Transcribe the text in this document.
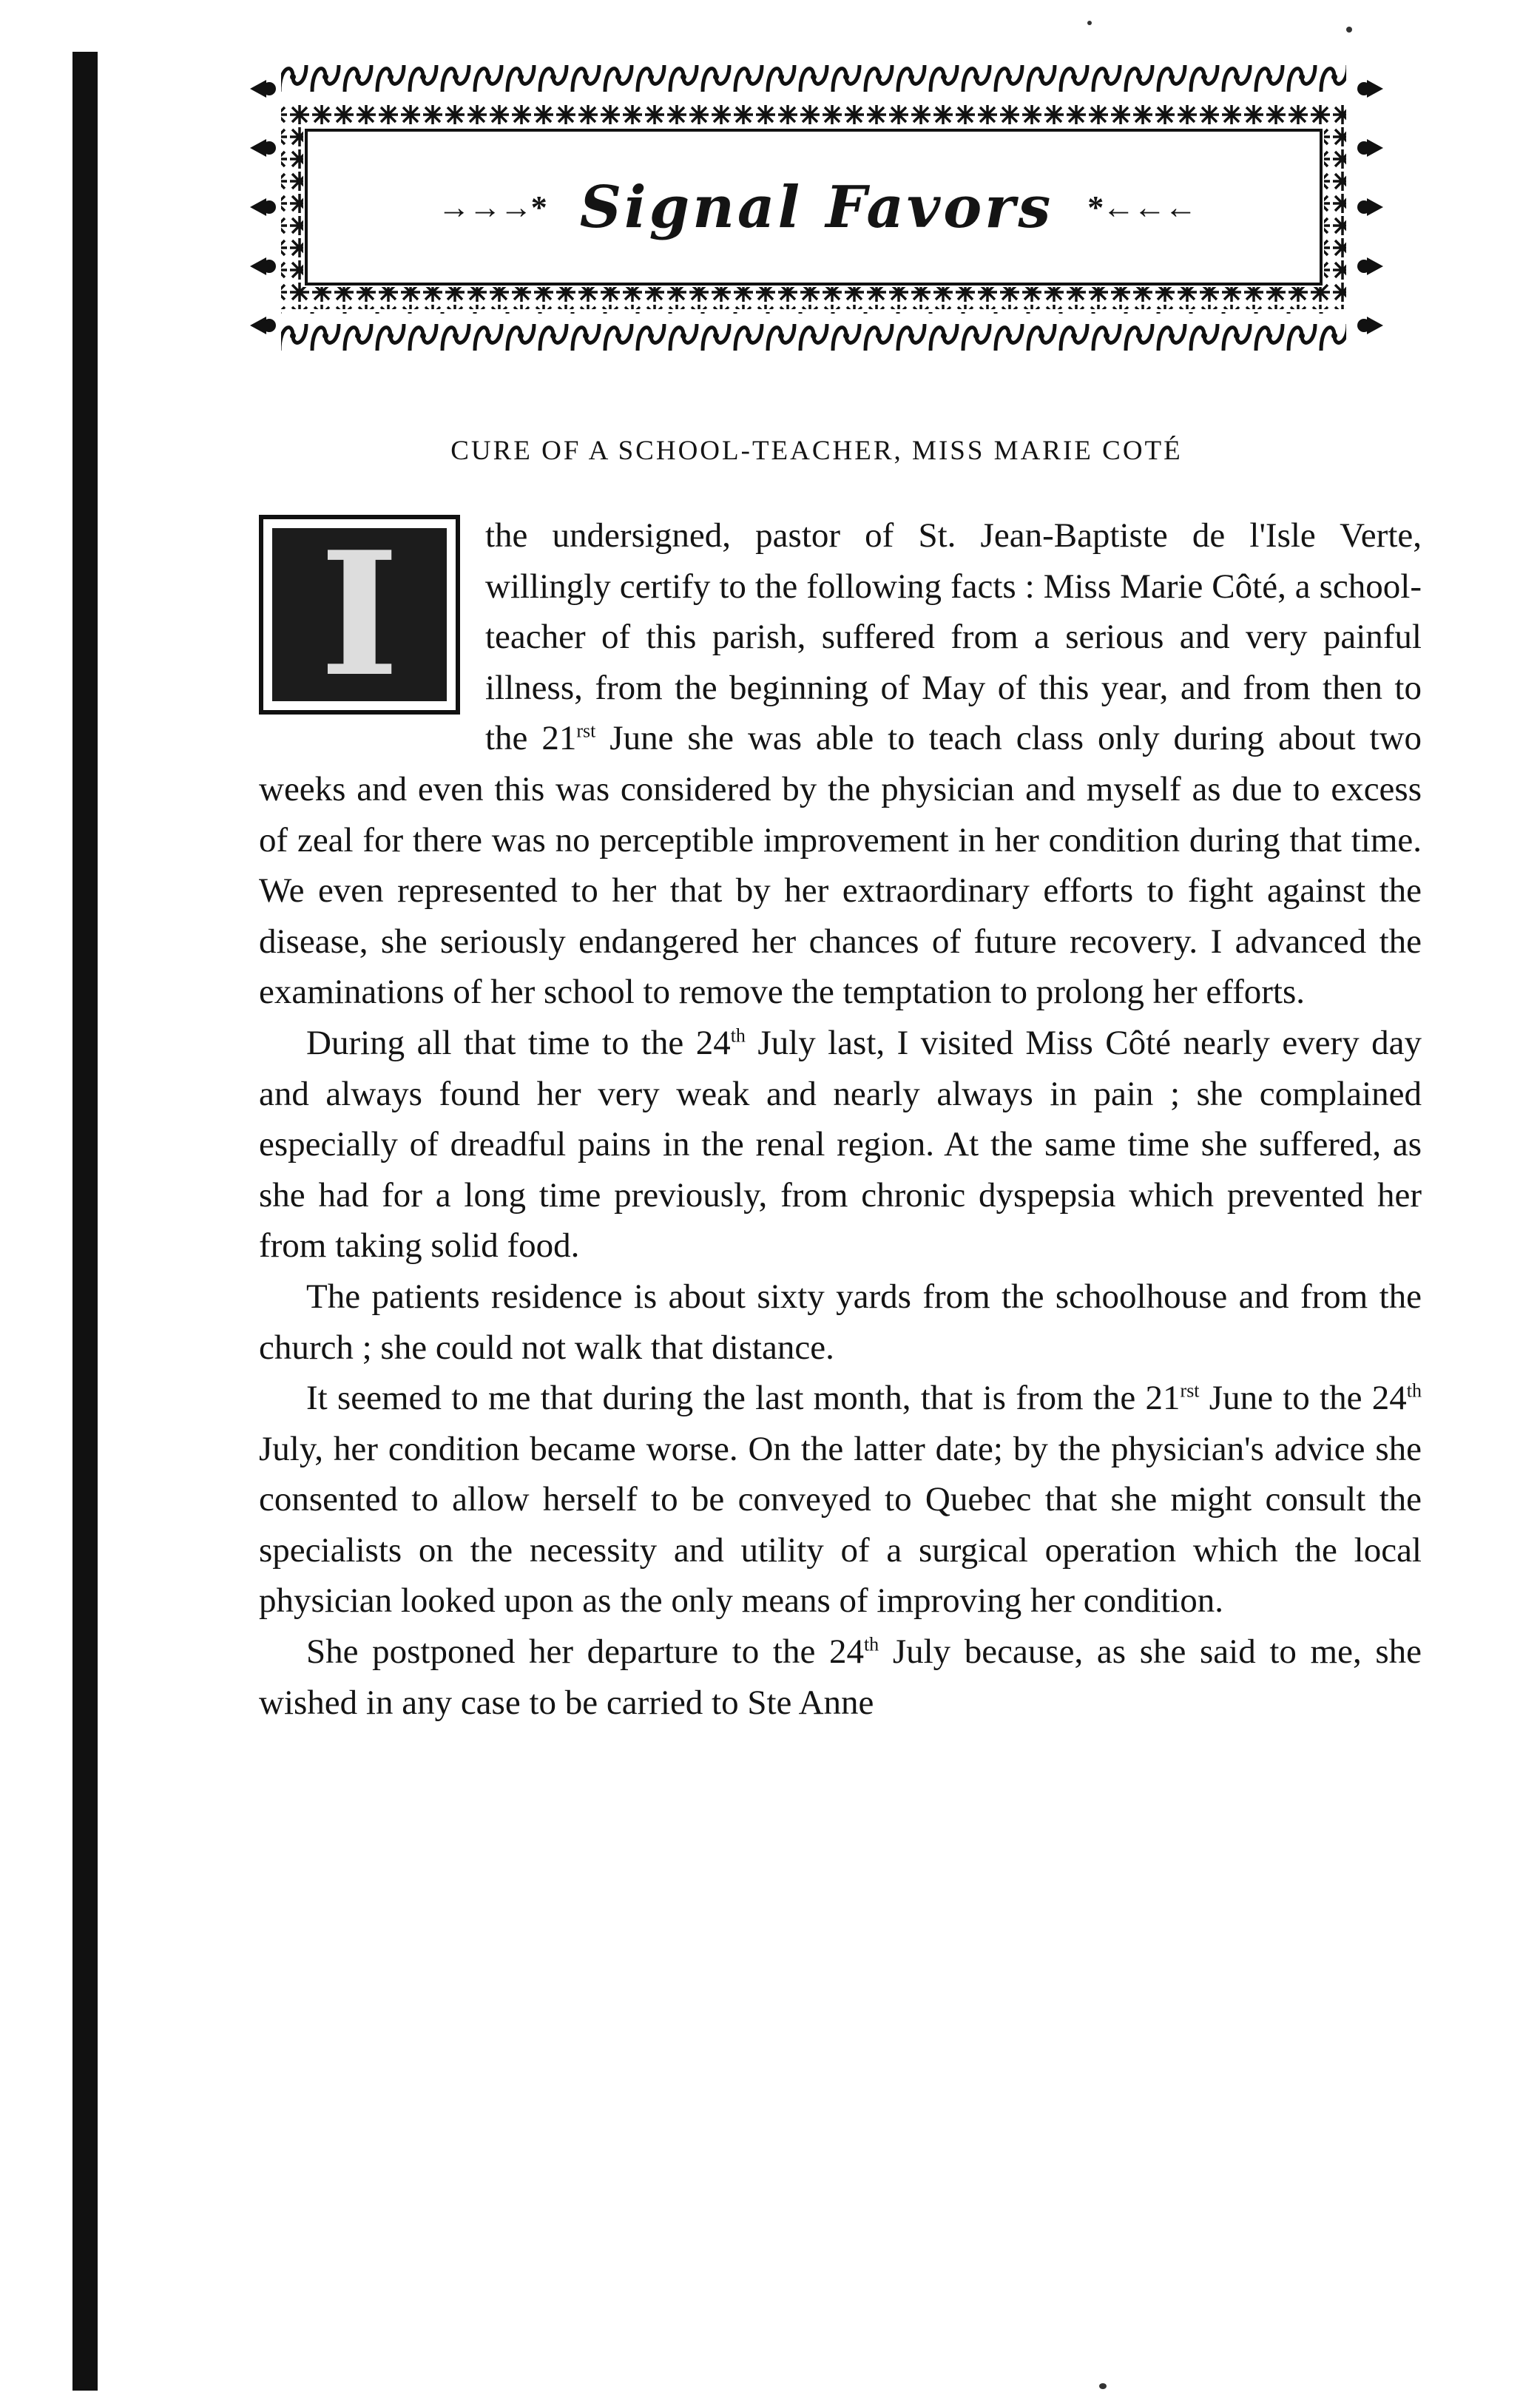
→→→* Signal Favors *←←←
CURE OF A SCHOOL-TEACHER, MISS MARIE COTÉ

I the undersigned, pastor of St. Jean-Baptiste de l'Isle Verte, willingly certify to the following facts : Miss Marie Côté, a school-teacher of this parish, suffered from a serious and very painful illness, from the beginning of May of this year, and from then to the $21^{rst}$ June she was able to teach class only during about two weeks and even this was considered by the physician and myself as due to excess of zeal for there was no perceptible improvement in her condition during that time. We even represented to her that by her extraordinary efforts to fight against the disease, she seriously endangered her chances of future recovery. I advanced the examinations of her school to remove the temptation to prolong her efforts.

During all that time to the 24th July last, I visited Miss Côté nearly every day and always found her very weak and nearly always in pain ; she complained especially of dreadful pains in the renal region. At the same time she suffered, as she had for a long time previously, from chronic dyspepsia which prevented her from taking solid food.

The patients residence is about sixty yards from the schoolhouse and from the church ; she could not walk that distance.

It seemed to me that during the last month, that is from the $21^{rst}$ June to the 24th July, her condition became worse. On the latter date; by the physician's advice she consented to allow herself to be conveyed to Quebec that she might consult the specialists on the necessity and utility of a surgical operation which the local physician looked upon as the only means of improving her condition.

She postponed her departure to the 24th July because, as she said to me, she wished in any case to be carried to Ste Anne
